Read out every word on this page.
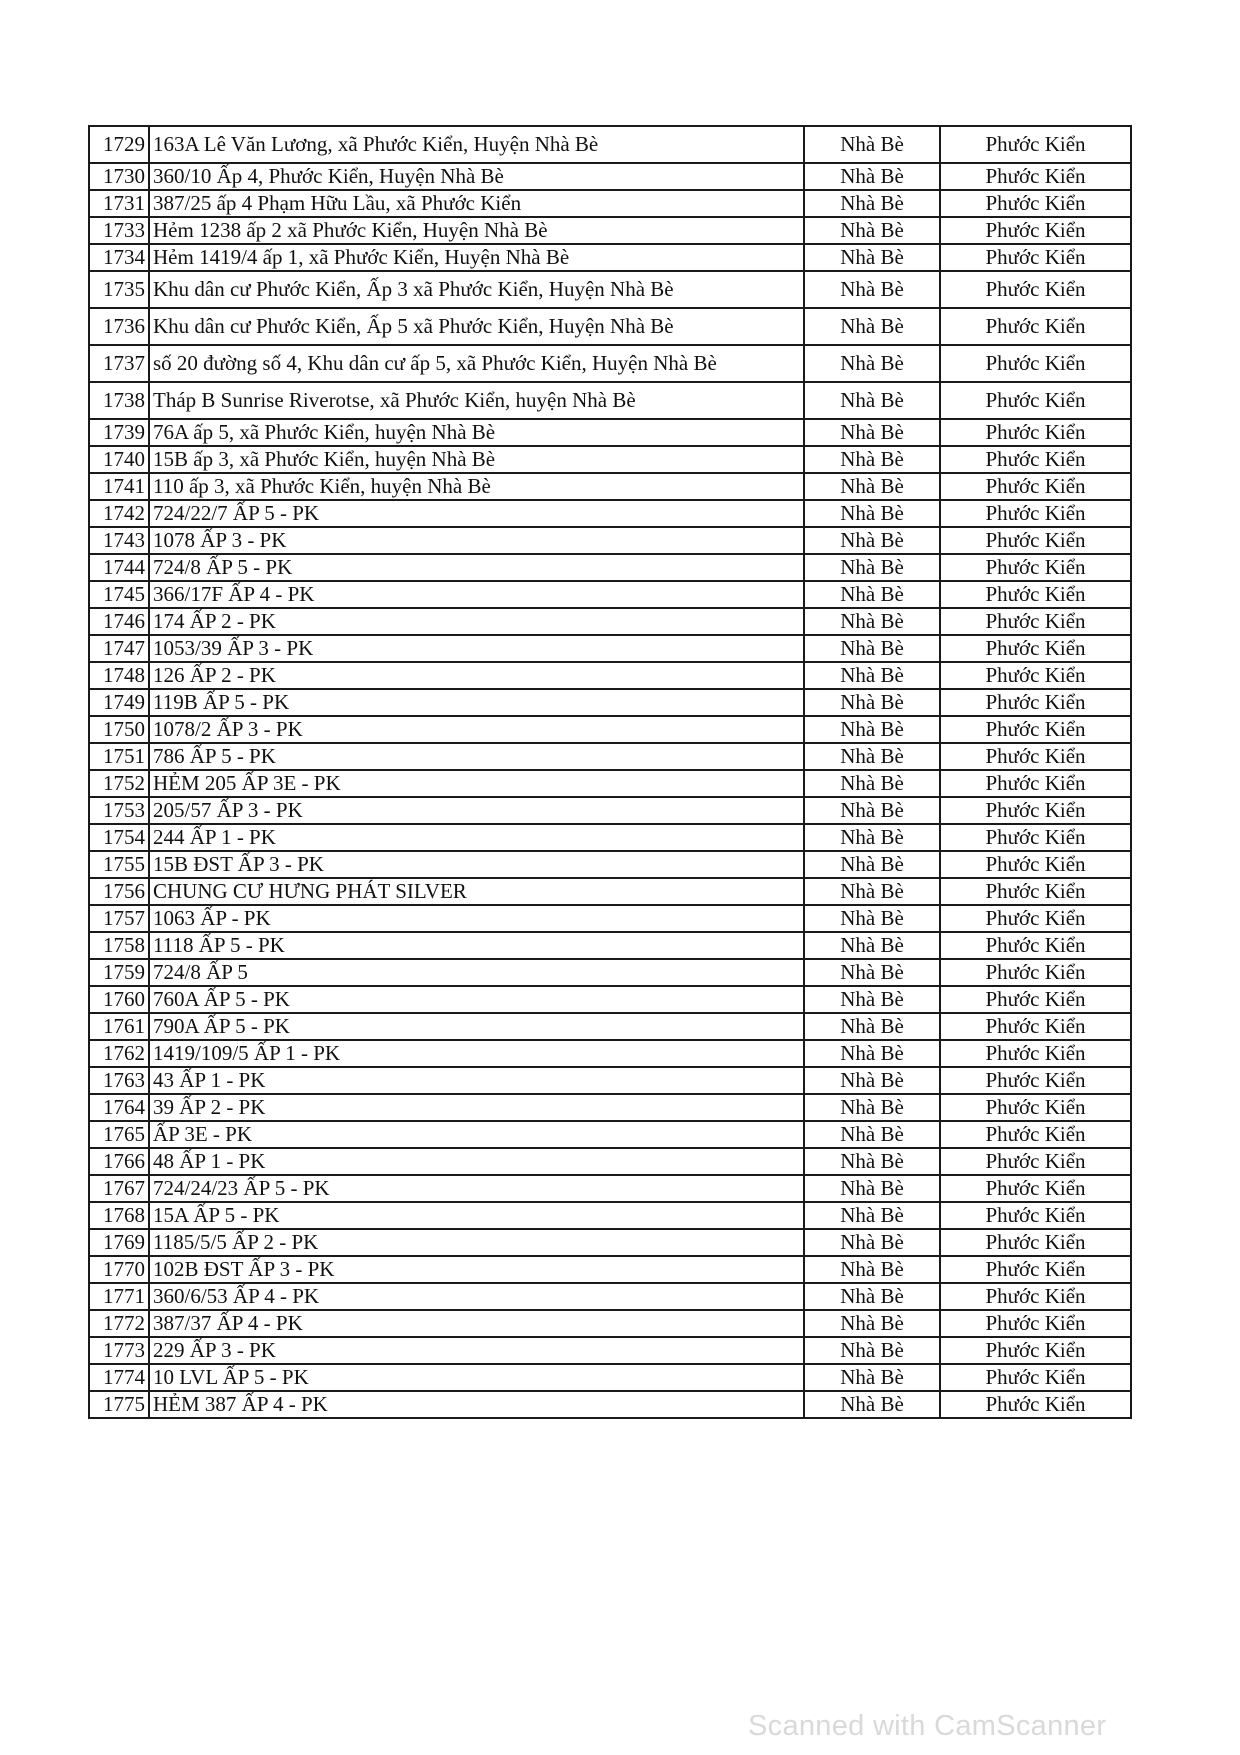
1729	163A Lê Văn Lương, xã Phước Kiển, Huyện Nhà Bè	Nhà Bè	Phước Kiển
1730	360/10 Ấp 4, Phước Kiển, Huyện Nhà Bè	Nhà Bè	Phước Kiển
1731	387/25 ấp 4 Phạm Hữu Lầu, xã Phước Kiển	Nhà Bè	Phước Kiển
1733	Hẻm 1238 ấp 2 xã Phước Kiển, Huyện Nhà Bè	Nhà Bè	Phước Kiển
1734	Hẻm 1419/4 ấp 1, xã Phước Kiển, Huyện Nhà Bè	Nhà Bè	Phước Kiển
1735	Khu dân cư Phước Kiển, Ấp 3 xã Phước Kiển, Huyện Nhà Bè	Nhà Bè	Phước Kiển
1736	Khu dân cư Phước Kiển, Ấp 5 xã Phước Kiển, Huyện Nhà Bè	Nhà Bè	Phước Kiển
1737	số 20 đường số 4, Khu dân cư ấp 5, xã Phước Kiển, Huyện Nhà Bè	Nhà Bè	Phước Kiển
1738	Tháp B Sunrise Riverotse, xã Phước Kiển, huyện Nhà Bè	Nhà Bè	Phước Kiển
1739	76A ấp 5, xã Phước Kiển, huyện Nhà Bè	Nhà Bè	Phước Kiển
1740	15B ấp 3, xã Phước Kiển, huyện Nhà Bè	Nhà Bè	Phước Kiển
1741	110 ấp 3, xã Phước Kiển, huyện Nhà Bè	Nhà Bè	Phước Kiển
1742	724/22/7 ẤP 5 - PK	Nhà Bè	Phước Kiển
1743	1078 ẤP 3 - PK	Nhà Bè	Phước Kiển
1744	724/8 ẤP 5 - PK	Nhà Bè	Phước Kiển
1745	366/17F ẤP 4 - PK	Nhà Bè	Phước Kiển
1746	174 ẤP 2 - PK	Nhà Bè	Phước Kiển
1747	1053/39 ẤP 3 - PK	Nhà Bè	Phước Kiển
1748	126 ẤP 2 - PK	Nhà Bè	Phước Kiển
1749	119B ẤP 5 - PK	Nhà Bè	Phước Kiển
1750	1078/2 ẤP 3 - PK	Nhà Bè	Phước Kiển
1751	786 ẤP 5 - PK	Nhà Bè	Phước Kiển
1752	HẺM 205 ẤP 3E - PK	Nhà Bè	Phước Kiển
1753	205/57 ẤP 3 - PK	Nhà Bè	Phước Kiển
1754	244 ẤP 1 - PK	Nhà Bè	Phước Kiển
1755	15B ĐST ẤP 3 - PK	Nhà Bè	Phước Kiển
1756	CHUNG CƯ HƯNG PHÁT SILVER	Nhà Bè	Phước Kiển
1757	1063 ẤP - PK	Nhà Bè	Phước Kiển
1758	1118 ẤP 5 - PK	Nhà Bè	Phước Kiển
1759	724/8 ẤP 5	Nhà Bè	Phước Kiển
1760	760A ẤP 5 - PK	Nhà Bè	Phước Kiển
1761	790A ẤP 5 - PK	Nhà Bè	Phước Kiển
1762	1419/109/5 ẤP 1 - PK	Nhà Bè	Phước Kiển
1763	43 ẤP 1 - PK	Nhà Bè	Phước Kiển
1764	39 ẤP 2 - PK	Nhà Bè	Phước Kiển
1765	ẤP 3E - PK	Nhà Bè	Phước Kiển
1766	48 ẤP 1 - PK	Nhà Bè	Phước Kiển
1767	724/24/23 ẤP 5 - PK	Nhà Bè	Phước Kiển
1768	15A ẤP 5 - PK	Nhà Bè	Phước Kiển
1769	1185/5/5 ẤP 2 - PK	Nhà Bè	Phước Kiển
1770	102B ĐST ẤP 3 - PK	Nhà Bè	Phước Kiển
1771	360/6/53 ẤP 4 - PK	Nhà Bè	Phước Kiển
1772	387/37 ẤP 4 - PK	Nhà Bè	Phước Kiển
1773	229 ẤP 3 - PK	Nhà Bè	Phước Kiển
1774	10 LVL ẤP 5 - PK	Nhà Bè	Phước Kiển
1775	HẺM 387 ẤP 4 - PK	Nhà Bè	Phước Kiển
Scanned with CamScanner
